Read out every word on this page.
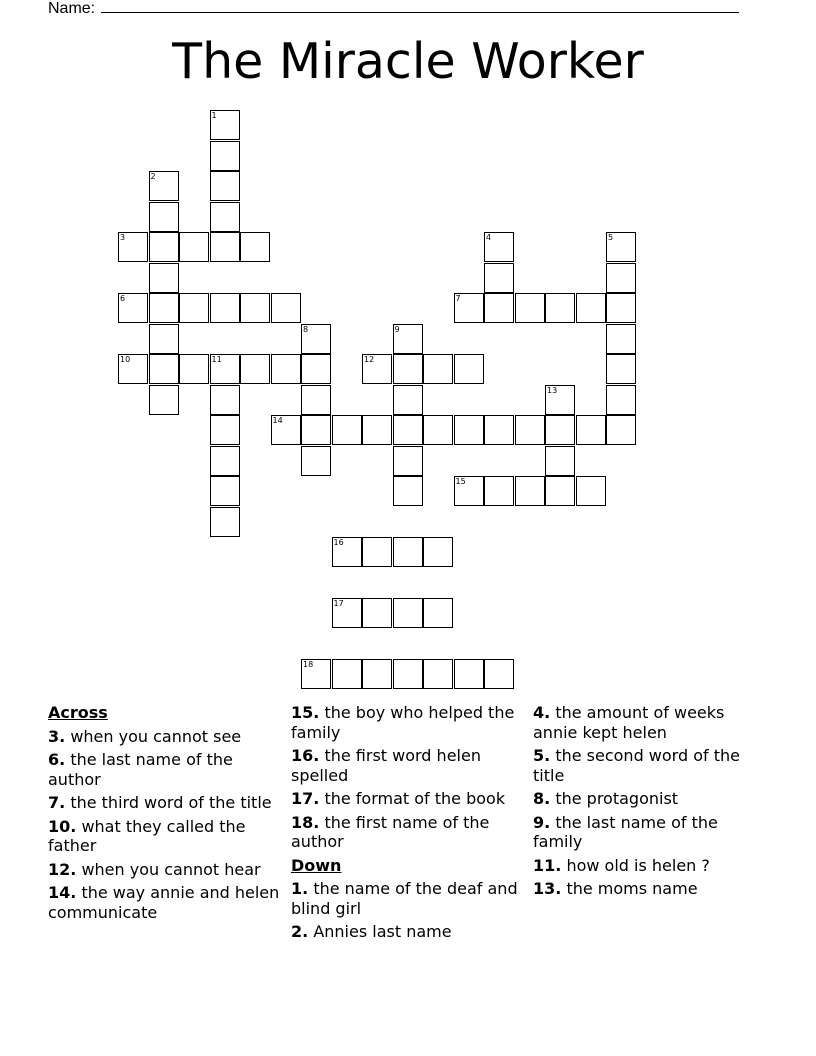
Name:
The Miracle Worker
1
2
3	4	5
6	7
8	9
10	11	12
13
14
15
16
17
18
Across
3. when you cannot see
6. the last name of the author
7. the third word of the title
10. what they called the father
12. when you cannot hear
14. the way annie and helen communicate
15. the boy who helped the family
16. the first word helen spelled
17. the format of the book
18. the first name of the author
Down
1. the name of the deaf and blind girl
2. Annies last name
4. the amount of weeks annie kept helen
5. the second word of the title
8. the protagonist
9. the last name of the family
11. how old is helen ?
13. the moms name
